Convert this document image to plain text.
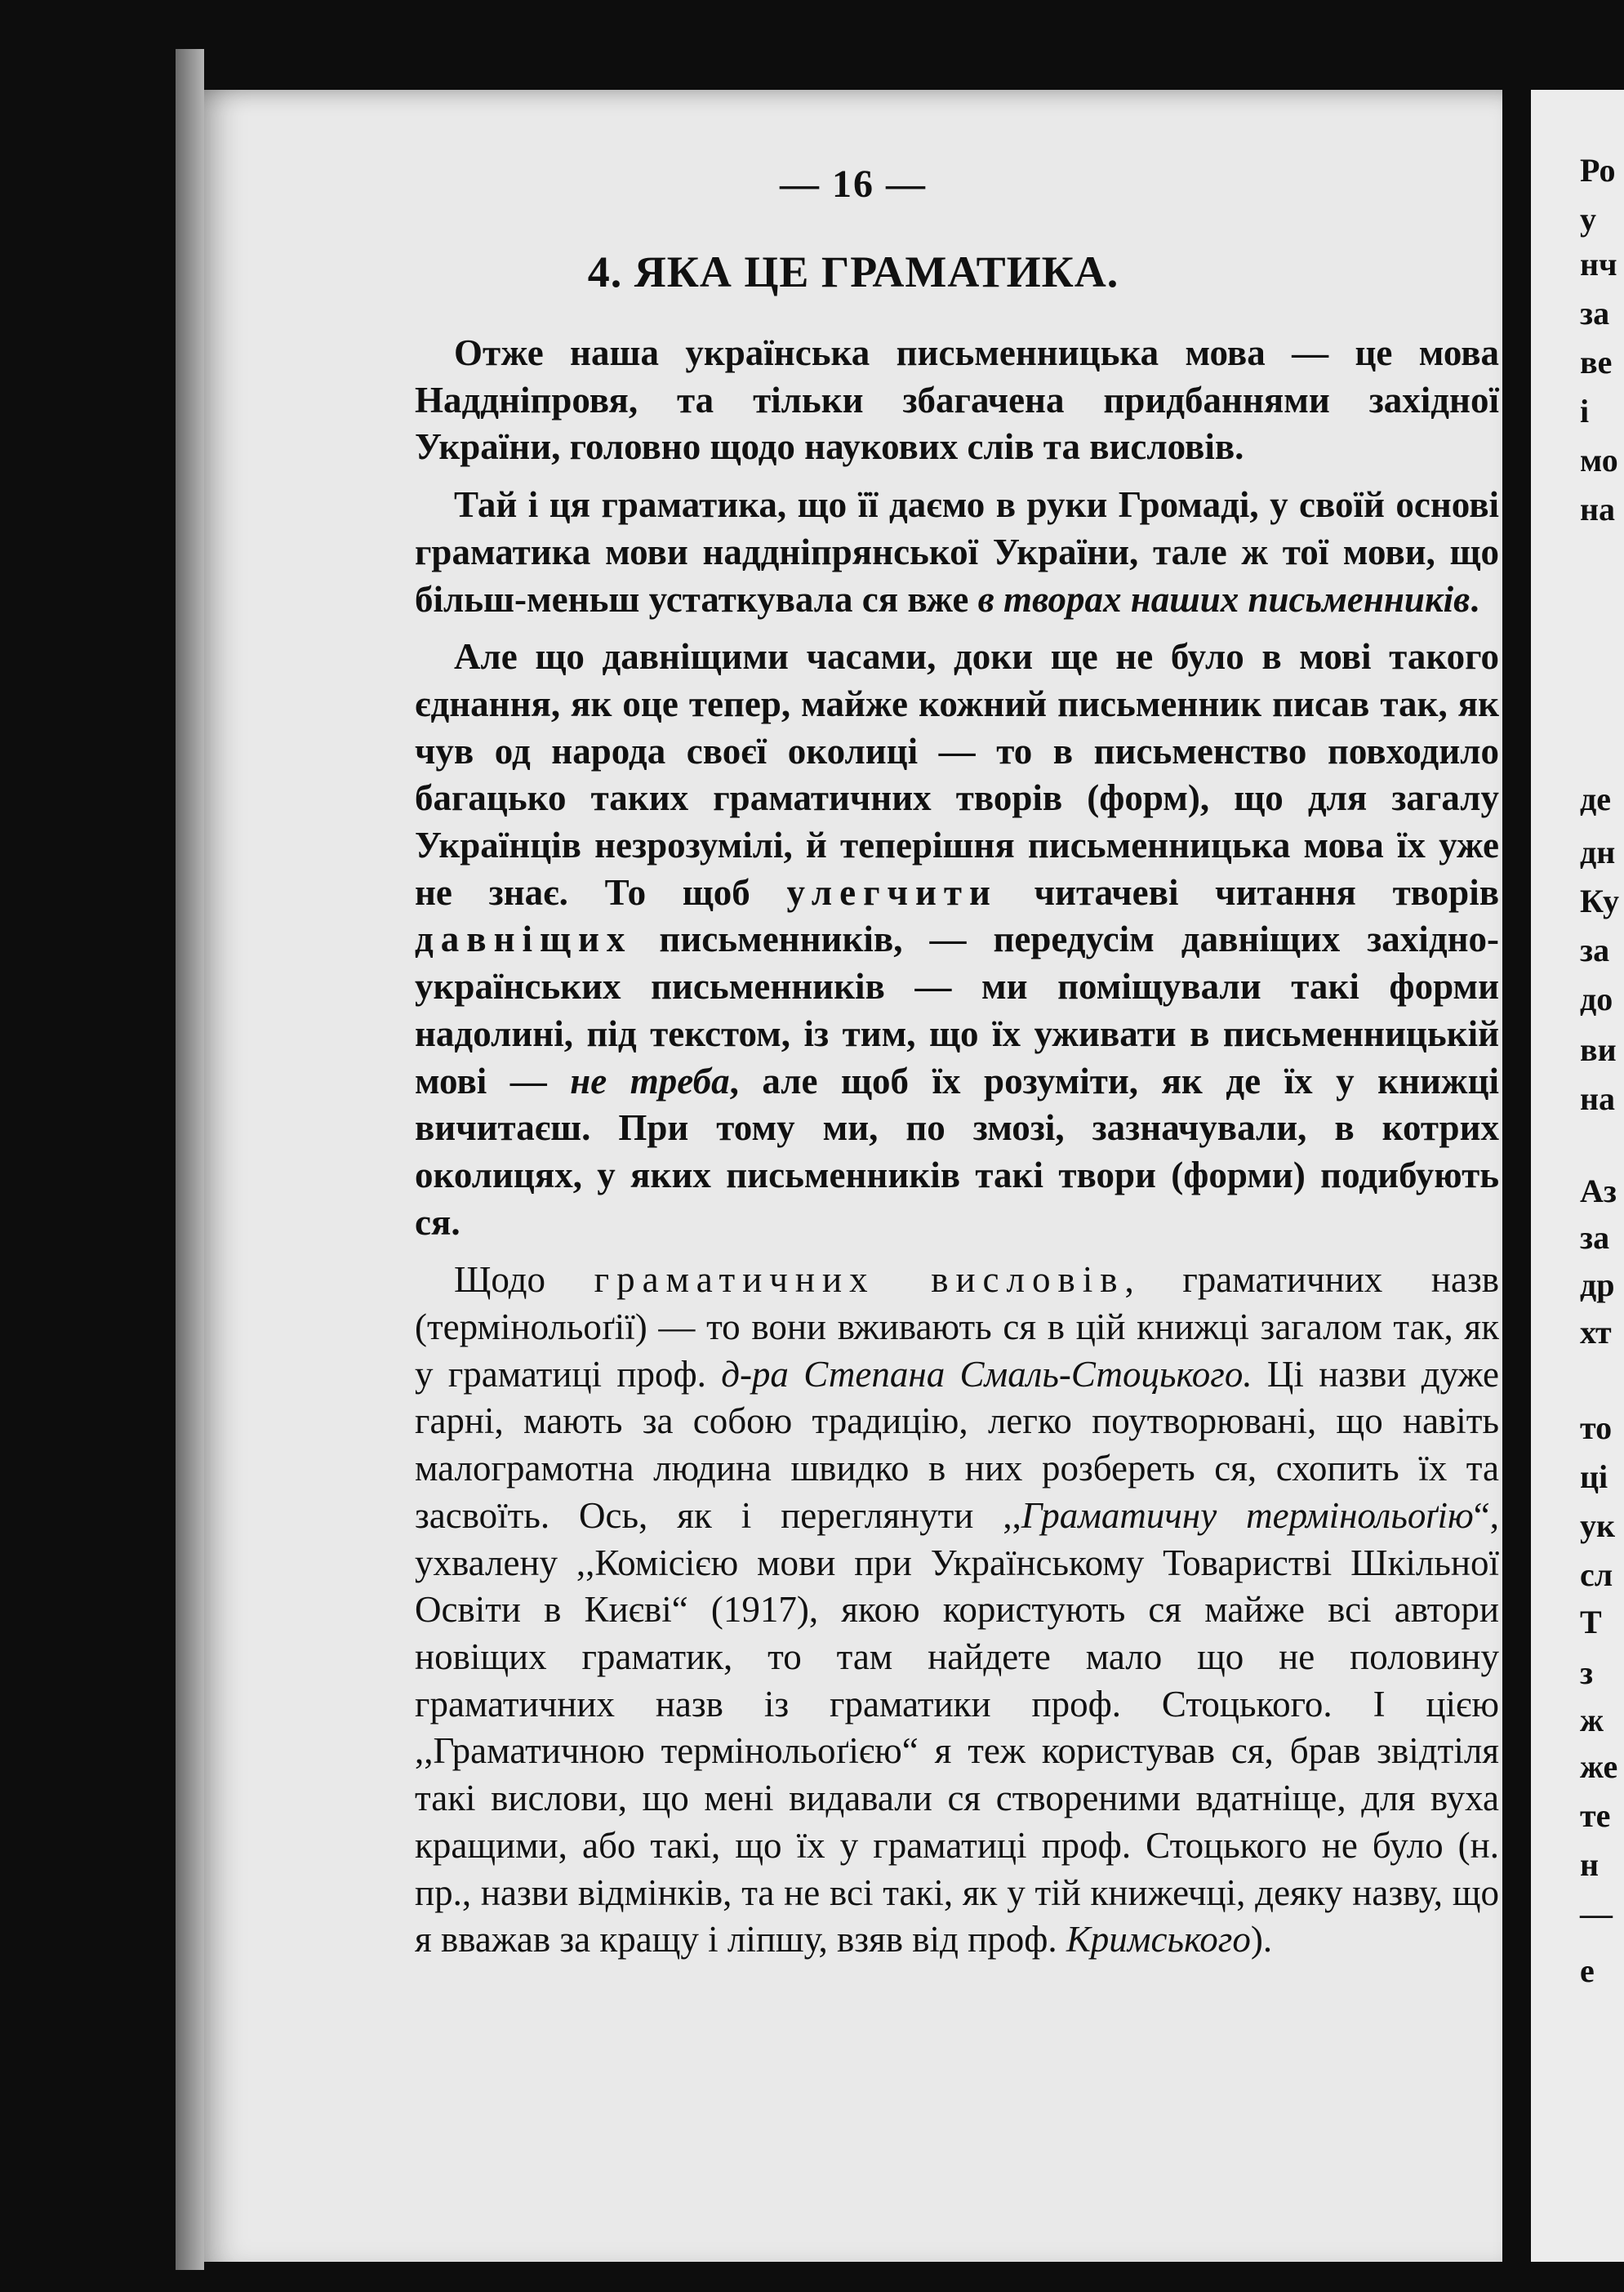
— 16 —
4. ЯКА ЦЕ ГРАМАТИКА.

Отже наша українська письменницька мова — це мова Наддніпровя, та тільки збагачена придбаннями західної України, головно щодо наукових слів та висловів.

Тай і ця граматика, що її даємо в руки Громаді, у своїй основі граматика мови наддніпрянської України, тале ж тої мови, що більш-меньш устаткувала ся вже в творах наших письменників.

Але що давніщими часами, доки ще не було в мові такого єднання, як оце тепер, майже кожний письменник писав так, як чув од народа своєї околиці — то в письменство повходило багацько таких граматичних творів (форм), що для загалу Українців незрозумілі, й теперішня письменницька мова їх уже не знає. То щоб улегчити читачеві читання творів давніщих письменників, — передусім давніщих західно-українських письменників — ми поміщували такі форми надолині, під текстом, із тим, що їх уживати в письменницькій мові — не треба, але щоб їх розуміти, як де їх у книжці вичитаєш. При тому ми, по змозі, зазначували, в котрих околицях, у яких письменників такі твори (форми) подибують ся.

Щодо граматичних висловів, граматичних назв (термінольоґії) — то вони вживають ся в цій книжці загалом так, як у граматиці проф. д-ра Степана Смаль-Стоцького. Ці назви дуже гарні, мають за собою традицію, легко поутворювані, що навіть малограмотна людина швидко в них розбереть ся, схопить їх та засвоїть. Ось, як і переглянути ,,Граматичну термінольоґію“, ухвалену ,,Комісією мови при Українському Товаристві Шкільної Освіти в Києві“ (1917), якою користують ся майже всі автори новіщих граматик, то там найдете мало що не половину граматичних назв із граматики проф. Стоцького. І цією ,,Граматичною термінольоґією“ я теж користував ся, брав звідтіля такі вислови, що мені видавали ся створеними вдатніще, для вуха кращими, або такі, що їх у граматиці проф. Стоцького не було (н. пр., назви відмінків, та не всі такі, як у тій книжечці, деяку назву, що я вважав за кращу і ліпшу, взяв від проф. Кримського).

Ро
у
нч
за
ве
і
мо
на
де
дн
Ку
за
до
ви
на
Аз
за
др
хт
то
ці
ук
сл
Т
з
ж
же
те
н
—
е
